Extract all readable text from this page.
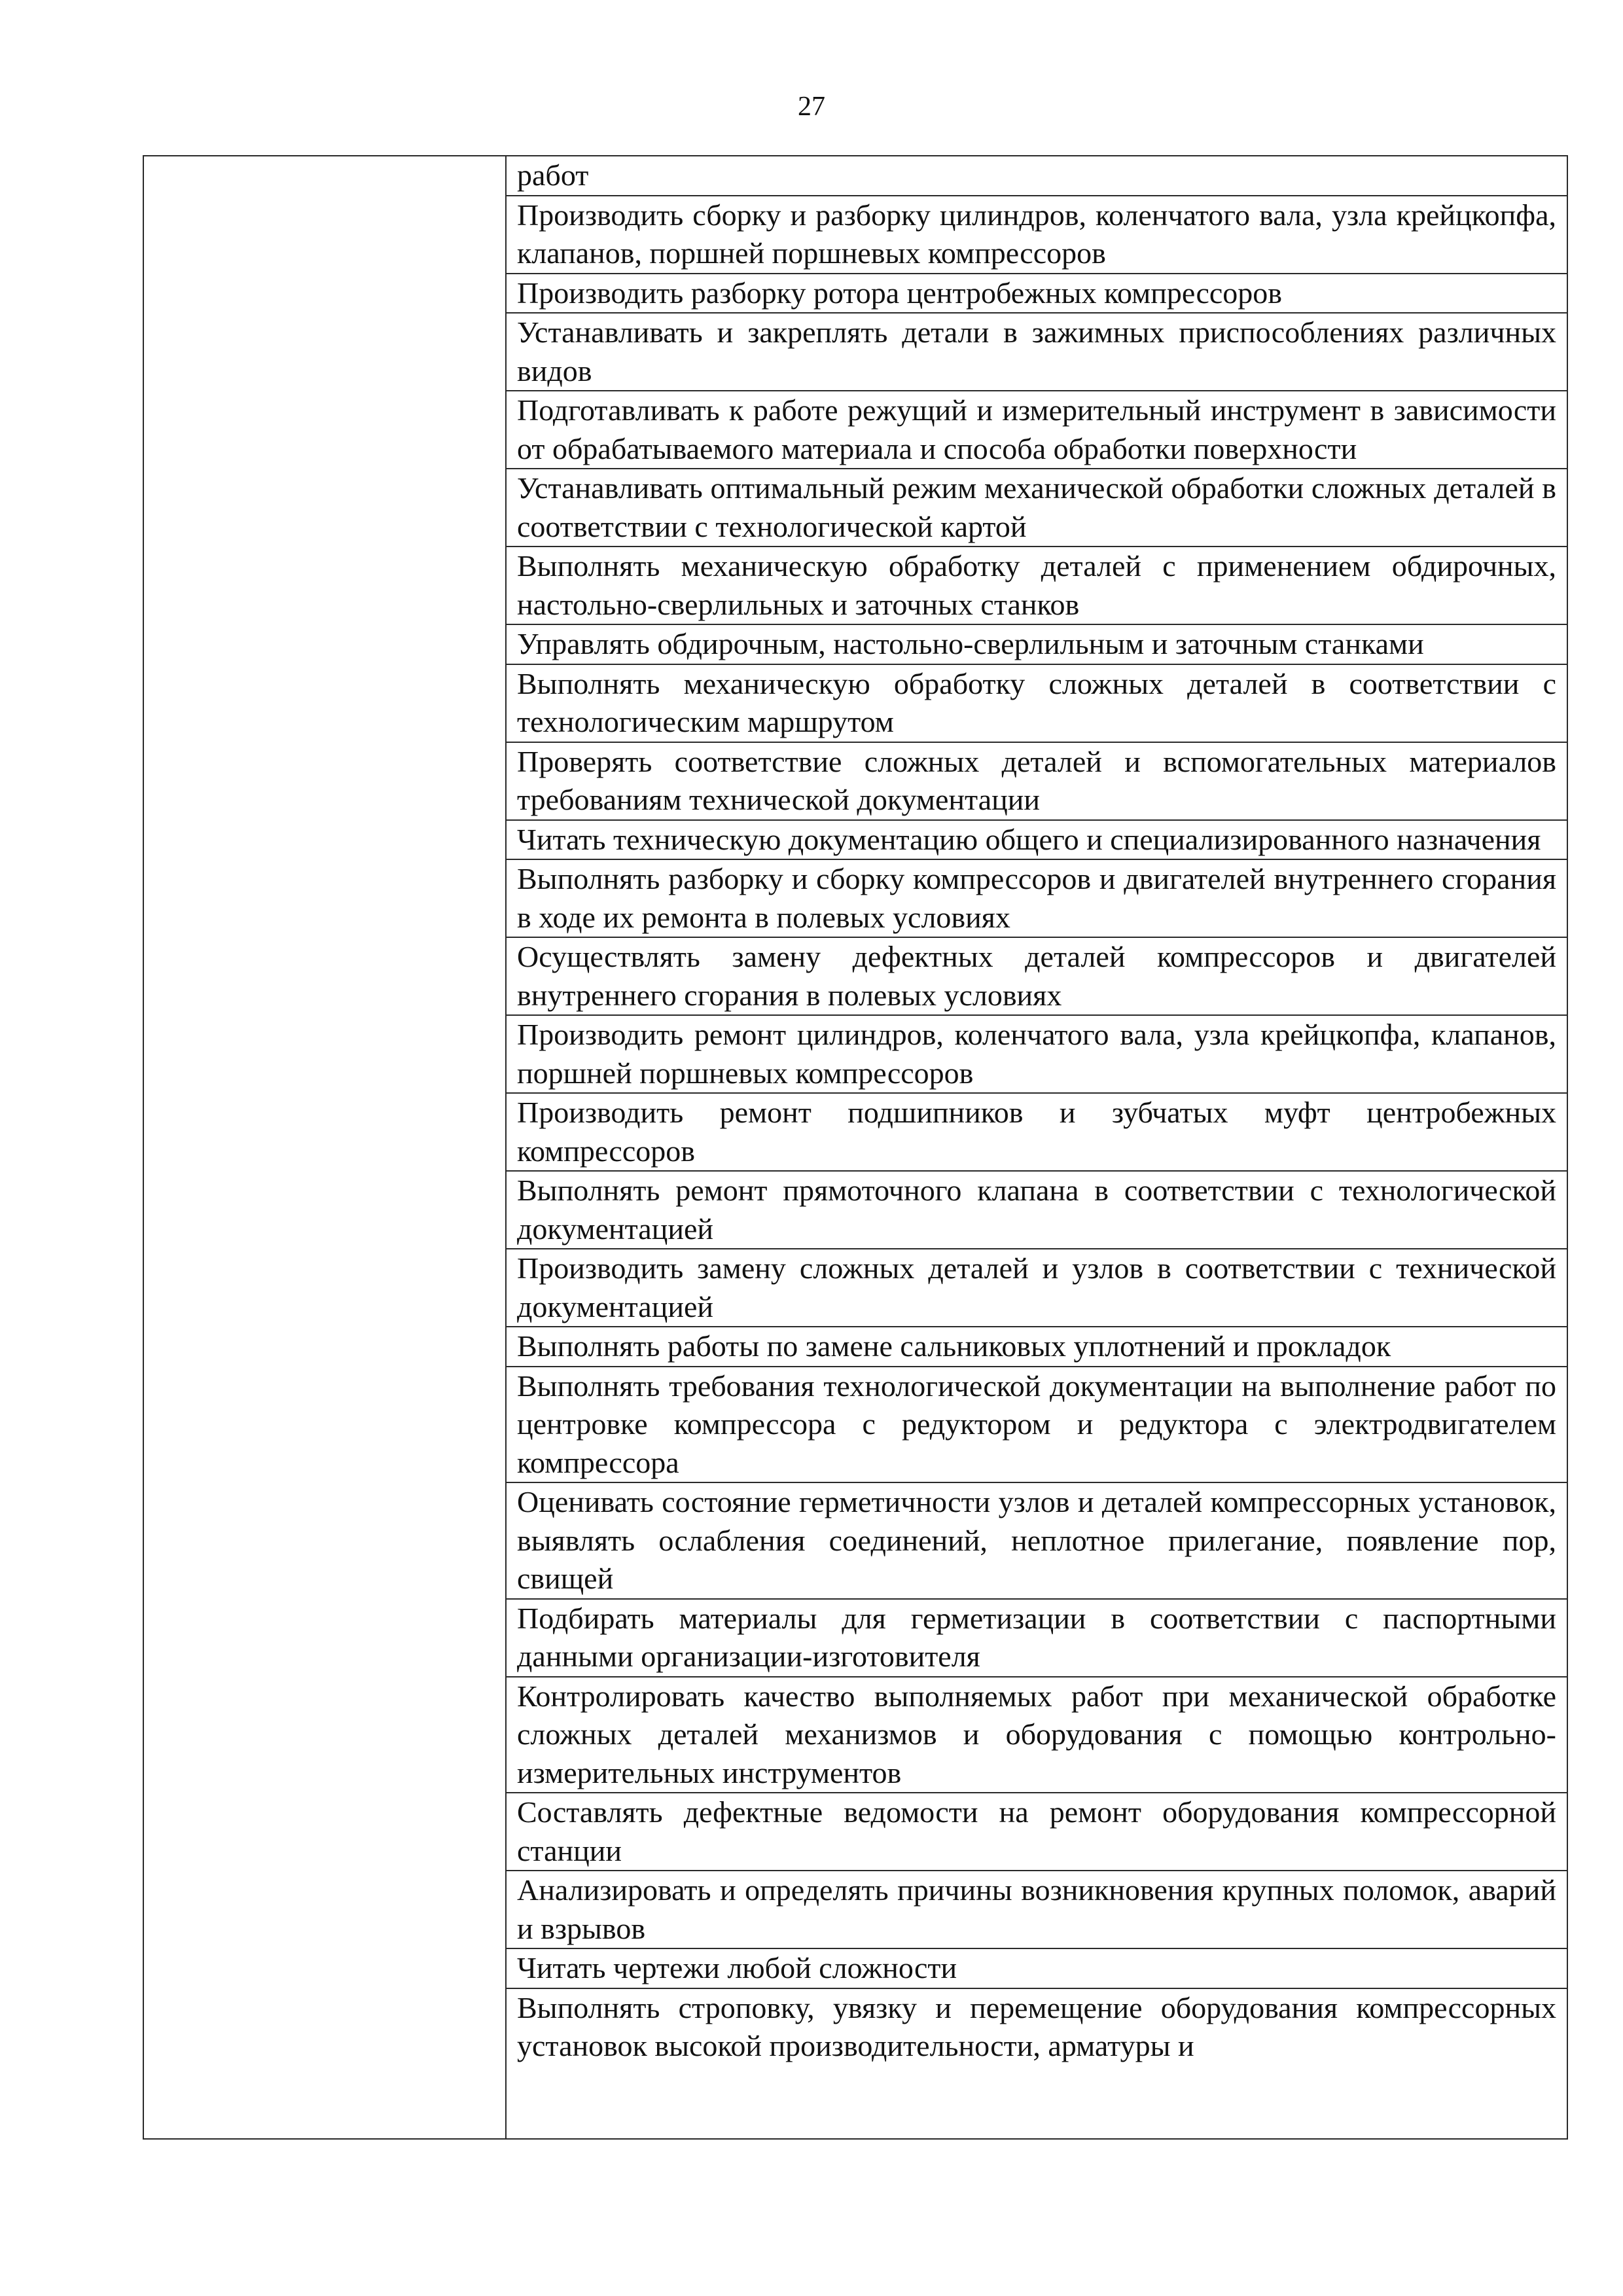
27

работ
Производить сборку и разборку цилиндров, коленчатого вала, узла крейцкопфа, клапанов, поршней поршневых компрессоров
Производить разборку ротора центробежных компрессоров
Устанавливать и закреплять детали в зажимных приспособлениях различных видов
Подготавливать к работе режущий и измерительный инструмент в зависимости от обрабатываемого материала и способа обработки поверхности
Устанавливать оптимальный режим механической обработки сложных деталей в соответствии с технологической картой
Выполнять механическую обработку деталей с применением обдирочных, настольно-сверлильных и заточных станков
Управлять обдирочным, настольно-сверлильным и заточным станками
Выполнять механическую обработку сложных деталей в соответствии с технологическим маршрутом
Проверять соответствие сложных деталей и вспомогательных материалов требованиям технической документации
Читать техническую документацию общего и специализированного назначения
Выполнять разборку и сборку компрессоров и двигателей внутреннего сгорания в ходе их ремонта в полевых условиях
Осуществлять замену дефектных деталей компрессоров и двигателей внутреннего сгорания в полевых условиях
Производить ремонт цилиндров, коленчатого вала, узла крейцкопфа, клапанов, поршней поршневых компрессоров
Производить ремонт подшипников и зубчатых муфт центробежных компрессоров
Выполнять ремонт прямоточного клапана в соответствии с технологической документацией
Производить замену сложных деталей и узлов в соответствии с технической документацией
Выполнять работы по замене сальниковых уплотнений и прокладок
Выполнять требования технологической документации на выполнение работ по центровке компрессора с редуктором и редуктора с электродвигателем компрессора
Оценивать состояние герметичности узлов и деталей компрессорных установок, выявлять ослабления соединений, неплотное прилегание, появление пор, свищей
Подбирать материалы для герметизации в соответствии с паспортными данными организации-изготовителя
Контролировать качество выполняемых работ при механической обработке сложных деталей механизмов и оборудования с помощью контрольно-измерительных инструментов
Составлять дефектные ведомости на ремонт оборудования компрессорной станции
Анализировать и определять причины возникновения крупных поломок, аварий и взрывов
Читать чертежи любой сложности
Выполнять строповку, увязку и перемещение оборудования компрессорных установок высокой производительности, арматуры и
